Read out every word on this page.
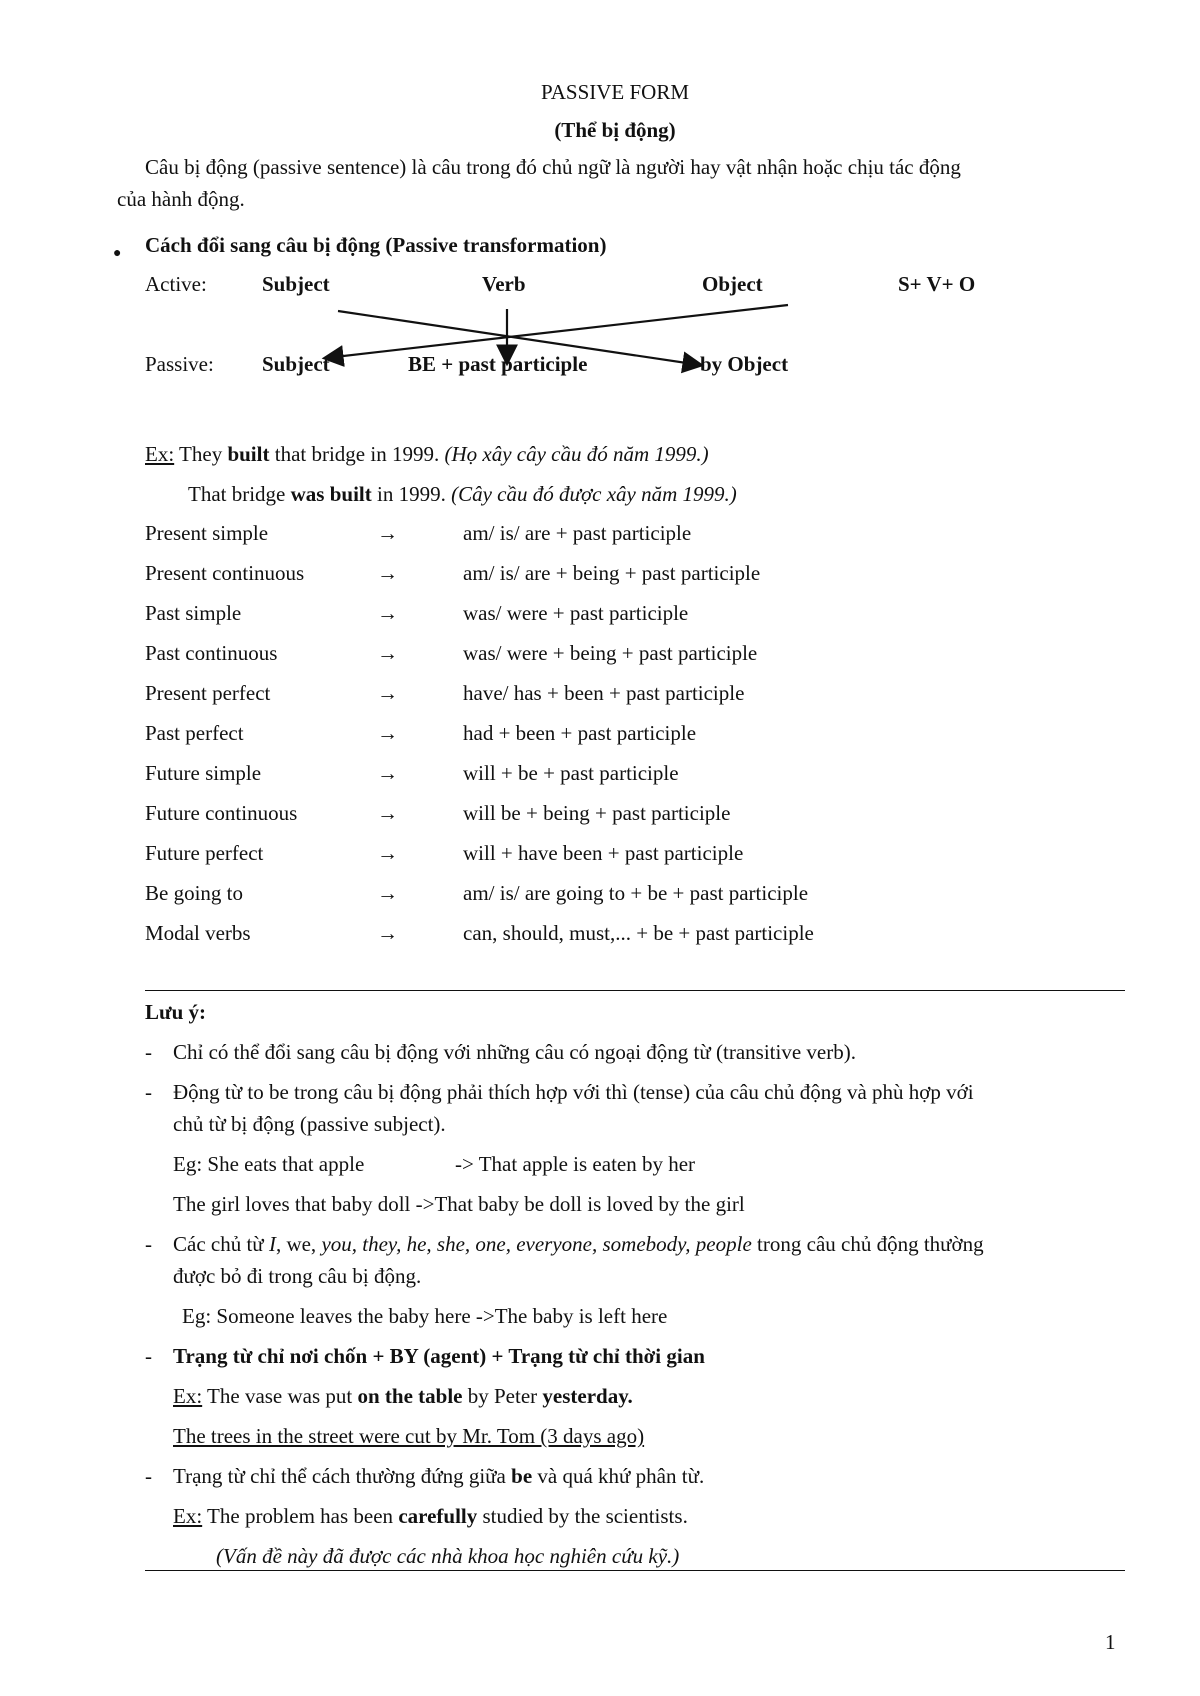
PASSIVE FORM
(Thể bị động)
Câu bị động (passive sentence) là câu trong đó chủ ngữ là người hay vật nhận hoặc chịu tác động
của hành động.
● Cách đổi sang câu bị động (Passive transformation)
Active:	Subject	Verb	Object	S+ V+ O
Passive: Subject	BE + past participle	by Object
Ex: They built that bridge in 1999. (Họ xây cây cầu đó năm 1999.)
That bridge was built in 1999. (Cây cầu đó được xây năm 1999.)
Present simple	→	am/ is/ are + past participle
Present continuous	→	am/ is/ are + being + past participle
Past simple	→	was/ were + past participle
Past continuous	→	was/ were + being + past participle
Present perfect	→	have/ has + been + past participle
Past perfect	→	had + been + past participle
Future simple	→	will + be + past participle
Future continuous	→	will be + being + past participle
Future perfect	→	will + have been + past participle
Be going to	→	am/ is/ are going to + be + past participle
Modal verbs	→	can, should, must,... + be + past participle
Lưu ý:
- Chỉ có thể đổi sang câu bị động với những câu có ngoại động từ (transitive verb).
- Động từ to be trong câu bị động phải thích hợp với thì (tense) của câu chủ động và phù hợp với
chủ từ bị động (passive subject).
Eg: She eats that apple	-> That apple is eaten by her
The girl loves that baby doll ->That baby be doll is loved by the girl
- Các chủ từ I, we, you, they, he, she, one, everyone, somebody, people trong câu chủ động thường
được bỏ đi trong câu bị động.
Eg: Someone leaves the baby here ->The baby is left here
- Trạng từ chỉ nơi chốn + BY (agent) + Trạng từ chỉ thời gian
Ex: The vase was put on the table by Peter yesterday.
The trees in the street were cut by Mr. Tom (3 days ago)
- Trạng từ chỉ thể cách thường đứng giữa be và quá khứ phân từ.
Ex: The problem has been carefully studied by the scientists.
(Vấn đề này đã được các nhà khoa học nghiên cứu kỹ.)
1
